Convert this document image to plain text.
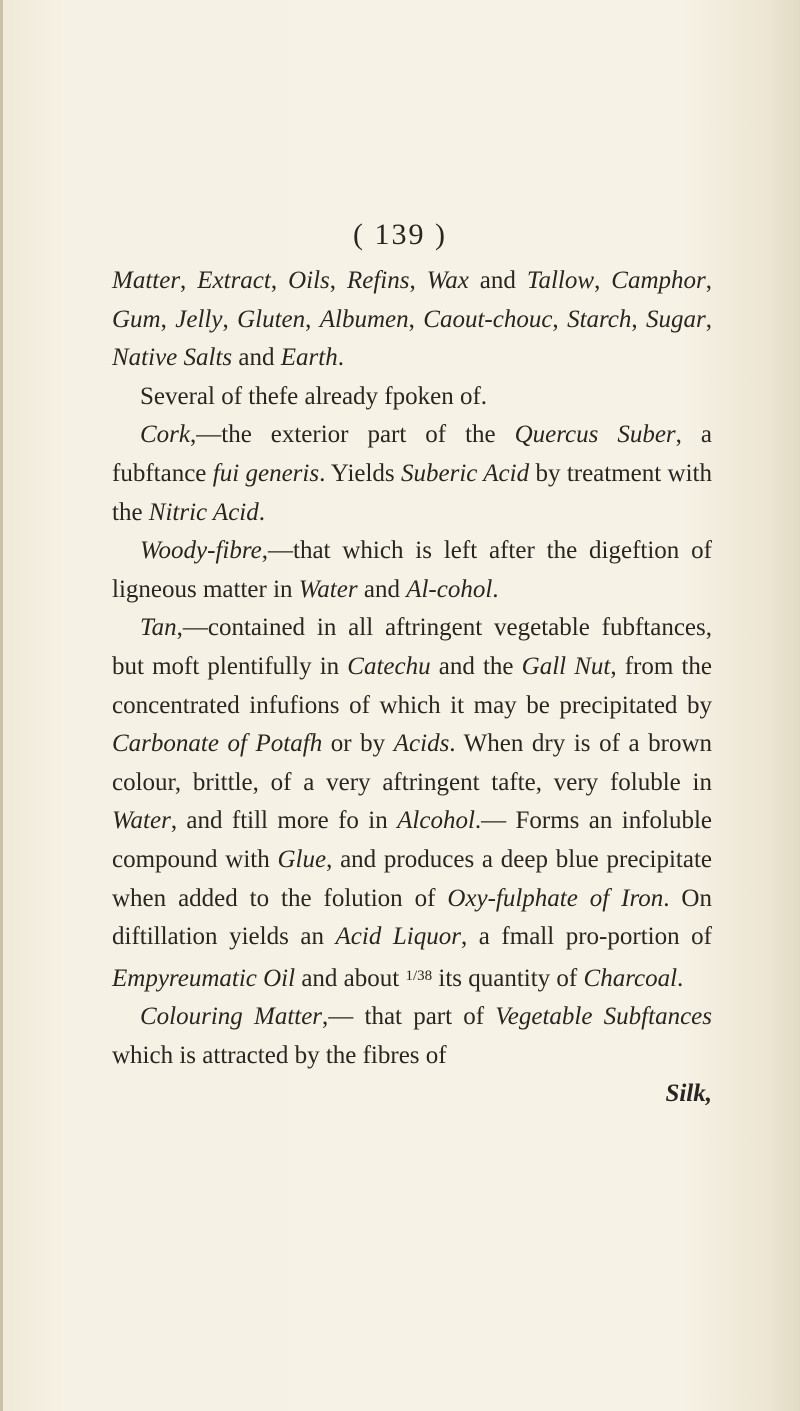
( 139 )

Matter, Extract, Oils, Refins, Wax and Tallow, Camphor, Gum, Jelly, Gluten, Albumen, Caout-chouc, Starch, Sugar, Native Salts and Earth.

Several of thefe already fpoken of.

Cork,—the exterior part of the Quercus Suber, a fubftance fui generis. Yields Suberic Acid by treatment with the Nitric Acid.

Woody-fibre,—that which is left after the digeftion of ligneous matter in Water and Al-cohol.

Tan,—contained in all aftringent vegetable fubftances, but moft plentifully in Catechu and the Gall Nut, from the concentrated infufions of which it may be precipitated by Carbonate of Potafh or by Acids. When dry is of a brown colour, brittle, of a very aftringent tafte, very foluble in Water, and ftill more fo in Alcohol.— Forms an infoluble compound with Glue, and produces a deep blue precipitate when added to the folution of Oxy-fulphate of Iron. On diftillation yields an Acid Liquor, a fmall pro-portion of Empyreumatic Oil and about $^{1/38}$ its quantity of Charcoal.

Colouring Matter,— that part of Vegetable Subftances which is attracted by the fibres of

Silk,
